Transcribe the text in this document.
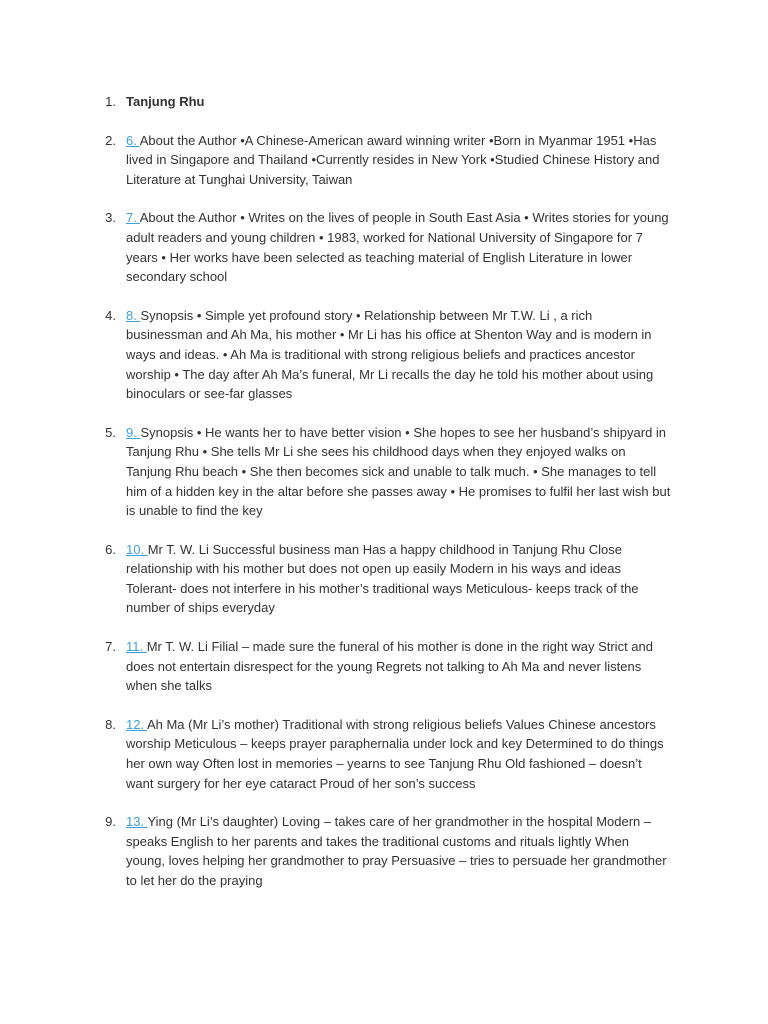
1. Tanjung Rhu
2. 6. About the Author •A Chinese-American award winning writer •Born in Myanmar 1951 •Has lived in Singapore and Thailand •Currently resides in New York •Studied Chinese History and Literature at Tunghai University, Taiwan
3. 7. About the Author • Writes on the lives of people in South East Asia • Writes stories for young adult readers and young children • 1983, worked for National University of Singapore for 7 years • Her works have been selected as teaching material of English Literature in lower secondary school
4. 8. Synopsis • Simple yet profound story • Relationship between Mr T.W. Li , a rich businessman and Ah Ma, his mother • Mr Li has his office at Shenton Way and is modern in ways and ideas. • Ah Ma is traditional with strong religious beliefs and practices ancestor worship • The day after Ah Ma’s funeral, Mr Li recalls the day he told his mother about using binoculars or see-far glasses
5. 9. Synopsis • He wants her to have better vision • She hopes to see her husband’s shipyard in Tanjung Rhu • She tells Mr Li she sees his childhood days when they enjoyed walks on Tanjung Rhu beach • She then becomes sick and unable to talk much. • She manages to tell him of a hidden key in the altar before she passes away • He promises to fulfil her last wish but is unable to find the key
6. 10. Mr T. W. Li Successful business man Has a happy childhood in Tanjung Rhu Close relationship with his mother but does not open up easily Modern in his ways and ideas Tolerant- does not interfere in his mother’s traditional ways Meticulous- keeps track of the number of ships everyday
7. 11. Mr T. W. Li Filial – made sure the funeral of his mother is done in the right way Strict and does not entertain disrespect for the young Regrets not talking to Ah Ma and never listens when she talks
8. 12. Ah Ma (Mr Li’s mother) Traditional with strong religious beliefs Values Chinese ancestors worship Meticulous – keeps prayer paraphernalia under lock and key Determined to do things her own way Often lost in memories – yearns to see Tanjung Rhu Old fashioned – doesn’t want surgery for her eye cataract Proud of her son’s success
9. 13. Ying (Mr Li’s daughter) Loving – takes care of her grandmother in the hospital Modern – speaks English to her parents and takes the traditional customs and rituals lightly When young, loves helping her grandmother to pray Persuasive – tries to persuade her grandmother to let her do the praying
